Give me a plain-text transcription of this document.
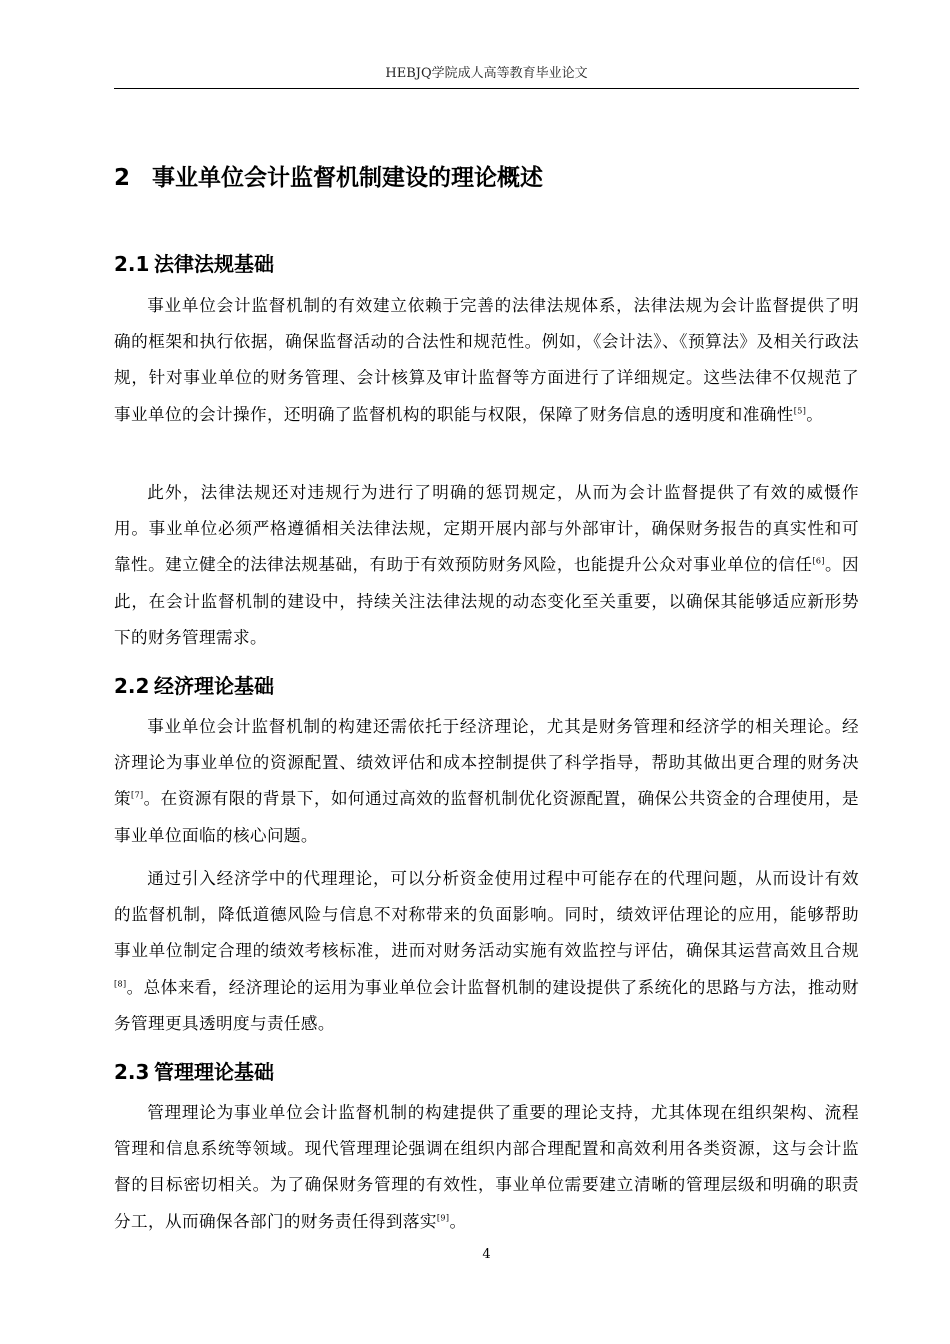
HEBJQ学院成人高等教育毕业论文
2 事业单位会计监督机制建设的理论概述
2.1 法律法规基础

事业单位会计监督机制的有效建立依赖于完善的法律法规体系，法律法规为会计监督提供了明确的框架和执行依据，确保监督活动的合法性和规范性。例如，《会计法》、《预算法》及相关行政法规，针对事业单位的财务管理、会计核算及审计监督等方面进行了详细规定。这些法律不仅规范了事业单位的会计操作，还明确了监督机构的职能与权限，保障了财务信息的透明度和准确性[5]。

此外，法律法规还对违规行为进行了明确的惩罚规定，从而为会计监督提供了有效的威慑作用。事业单位必须严格遵循相关法律法规，定期开展内部与外部审计，确保财务报告的真实性和可靠性。建立健全的法律法规基础，有助于有效预防财务风险，也能提升公众对事业单位的信任[6]。因此，在会计监督机制的建设中，持续关注法律法规的动态变化至关重要，以确保其能够适应新形势下的财务管理需求。

2.2 经济理论基础

事业单位会计监督机制的构建还需依托于经济理论，尤其是财务管理和经济学的相关理论。经济理论为事业单位的资源配置、绩效评估和成本控制提供了科学指导，帮助其做出更合理的财务决策[7]。在资源有限的背景下，如何通过高效的监督机制优化资源配置，确保公共资金的合理使用，是事业单位面临的核心问题。

通过引入经济学中的代理理论，可以分析资金使用过程中可能存在的代理问题，从而设计有效的监督机制，降低道德风险与信息不对称带来的负面影响。同时，绩效评估理论的应用，能够帮助事业单位制定合理的绩效考核标准，进而对财务活动实施有效监控与评估，确保其运营高效且合规[8]。总体来看，经济理论的运用为事业单位会计监督机制的建设提供了系统化的思路与方法，推动财务管理更具透明度与责任感。

2.3 管理理论基础

管理理论为事业单位会计监督机制的构建提供了重要的理论支持，尤其体现在组织架构、流程管理和信息系统等领域。现代管理理论强调在组织内部合理配置和高效利用各类资源，这与会计监督的目标密切相关。为了确保财务管理的有效性，事业单位需要建立清晰的管理层级和明确的职责分工，从而确保各部门的财务责任得到落实[9]。

4
